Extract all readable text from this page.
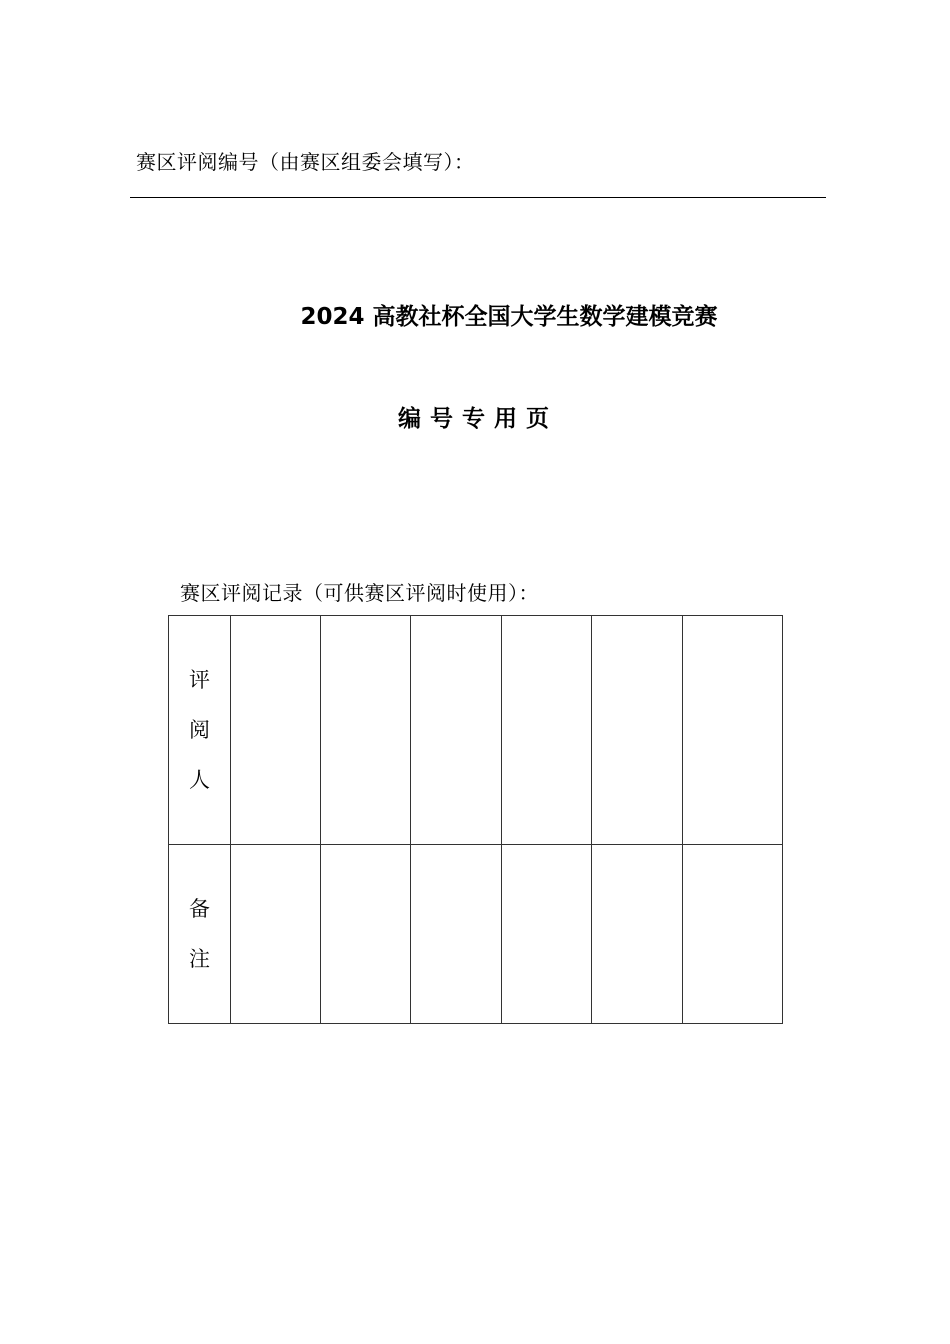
赛区评阅编号（由赛区组委会填写）：
2024 高教社杯全国大学生数学建模竞赛
编号专用页
赛区评阅记录（可供赛区评阅时使用）：
评阅人						
备注						
